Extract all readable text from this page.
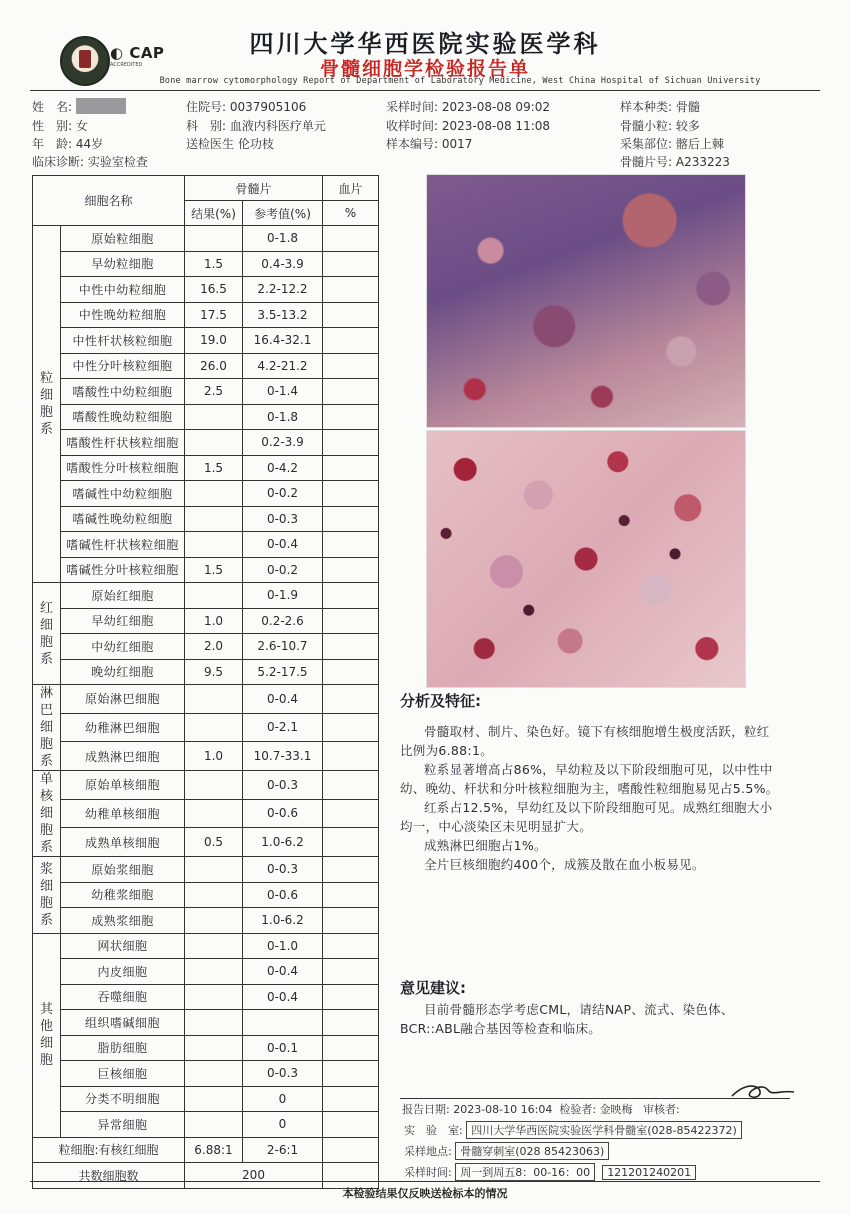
◐ CAP
ACCREDITED
四川大学华西医院实验医学科
骨髓细胞学检验报告单
Bone marrow cytomorphology Report of Department of Laboratory Medicine, West China Hospital of Sichuan University
姓　名:
性　别: 女
年　龄: 44岁
临床诊断: 实验室检查
住院号: 0037905106
科　别: 血液内科医疗单元
送检医生 伦功枝
采样时间: 2023-08-08 09:02
收样时间: 2023-08-08 11:08
样本编号: 0017
样本种类: 骨髓
骨髓小粒: 较多
采集部位: 髂后上棘
骨髓片号: A233223
细胞名称		骨髓片		血片
		结果(%)	参考值(%)	%
粒细胞系	原始粒细胞		0-1.8	
	早幼粒细胞	1.5	0.4-3.9	
	中性中幼粒细胞	16.5	2.2-12.2	
	中性晚幼粒细胞	17.5	3.5-13.2	
	中性杆状核粒细胞	19.0	16.4-32.1	
	中性分叶核粒细胞	26.0	4.2-21.2	
	嗜酸性中幼粒细胞	2.5	0-1.4	
	嗜酸性晚幼粒细胞		0-1.8	
	嗜酸性杆状核粒细胞		0.2-3.9	
	嗜酸性分叶核粒细胞	1.5	0-4.2	
	嗜碱性中幼粒细胞		0-0.2	
	嗜碱性晚幼粒细胞		0-0.3	
	嗜碱性杆状核粒细胞		0-0.4	
	嗜碱性分叶核粒细胞	1.5	0-0.2	
红细胞系	原始红细胞		0-1.9	
	早幼红细胞	1.0	0.2-2.6	
	中幼红细胞	2.0	2.6-10.7	
	晚幼红细胞	9.5	5.2-17.5	
淋巴细胞系	原始淋巴细胞		0-0.4	
	幼稚淋巴细胞		0-2.1	
	成熟淋巴细胞	1.0	10.7-33.1	
单核细胞系	原始单核细胞		0-0.3	
	幼稚单核细胞		0-0.6	
	成熟单核细胞	0.5	1.0-6.2	
浆细胞系	原始浆细胞		0-0.3	
	幼稚浆细胞		0-0.6	
	成熟浆细胞		1.0-6.2	
其他细胞	网状细胞		0-1.0	
	内皮细胞		0-0.4	
	吞噬细胞		0-0.4	
	组织嗜碱细胞			
	脂肪细胞		0-0.1	
	巨核细胞		0-0.3	
	分类不明细胞		0	
	异常细胞		0	
粒细胞:有核红细胞		6.88:1	2-6:1	
共数细胞数		200		
分析及特征:
骨髓取材、制片、染色好。镜下有核细胞增生极度活跃，粒红比例为6.88:1。
粒系显著增高占86%，早幼粒及以下阶段细胞可见，以中性中幼、晚幼、杆状和分叶核粒细胞为主，嗜酸性粒细胞易见占5.5%。
红系占12.5%，早幼红及以下阶段细胞可见。成熟红细胞大小均一，中心淡染区未见明显扩大。
成熟淋巴细胞占1%。
全片巨核细胞约400个，成簇及散在血小板易见。
意见建议:
目前骨髓形态学考虑CML，请结NAP、流式、染色体、BCR::ABL融合基因等检查和临床。
报告日期: 2023-08-10 16:04 检验者: 金映梅 审核者:
实　验　室: 四川大学华西医院实验医学科骨髓室(028-85422372)
采样地点: 骨髓穿刺室(028 85423063)
采样时间: 周一到周五8：00-16：00 121201240201
本检验结果仅反映送检标本的情况
